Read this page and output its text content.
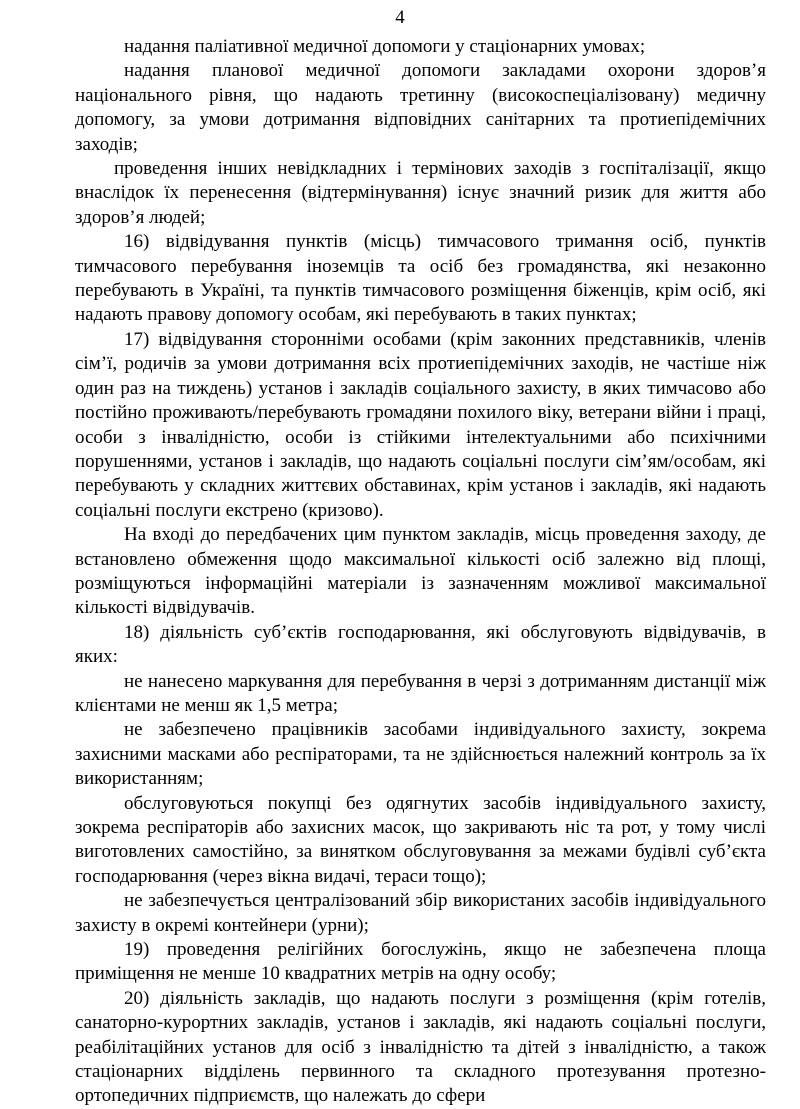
4

надання паліативної медичної допомоги у стаціонарних умовах;

надання планової медичної допомоги закладами охорони здоров’я національного рівня, що надають третинну (високоспеціалізовану) медичну допомогу, за умови дотримання відповідних санітарних та протиепідемічних заходів;

проведення інших невідкладних і термінових заходів з госпіталізації, якщо внаслідок їх перенесення (відтермінування) існує значний ризик для життя або здоров’я людей;

16) відвідування пунктів (місць) тимчасового тримання осіб, пунктів тимчасового перебування іноземців та осіб без громадянства, які незаконно перебувають в Україні, та пунктів тимчасового розміщення біженців, крім осіб, які надають правову допомогу особам, які перебувають в таких пунктах;

17) відвідування сторонніми особами (крім законних представників, членів сім’ї, родичів за умови дотримання всіх протиепідемічних заходів, не частіше ніж один раз на тиждень) установ і закладів соціального захисту, в яких тимчасово або постійно проживають/перебувають громадяни похилого віку, ветерани війни і праці, особи з інвалідністю, особи із стійкими інтелектуальними або психічними порушеннями, установ і закладів, що надають соціальні послуги сім’ям/особам, які перебувають у складних життєвих обставинах, крім установ і закладів, які надають соціальні послуги екстрено (кризово).

На вході до передбачених цим пунктом закладів, місць проведення заходу, де встановлено обмеження щодо максимальної кількості осіб залежно від площі, розміщуються інформаційні матеріали із зазначенням можливої максимальної кількості відвідувачів.

18) діяльність суб’єктів господарювання, які обслуговують відвідувачів, в яких:

не нанесено маркування для перебування в черзі з дотриманням дистанції між клієнтами не менш як 1,5 метра;

не забезпечено працівників засобами індивідуального захисту, зокрема захисними масками або респіраторами, та не здійснюється належний контроль за їх використанням;

обслуговуються покупці без одягнутих засобів індивідуального захисту, зокрема респіраторів або захисних масок, що закривають ніс та рот, у тому числі виготовлених самостійно, за винятком обслуговування за межами будівлі суб’єкта господарювання (через вікна видачі, тераси тощо);

не забезпечується централізований збір використаних засобів індивідуального захисту в окремі контейнери (урни);

19) проведення релігійних богослужінь, якщо не забезпечена площа приміщення не менше 10 квадратних метрів на одну особу;

20) діяльність закладів, що надають послуги з розміщення (крім готелів, санаторно-курортних закладів, установ і закладів, які надають соціальні послуги, реабілітаційних установ для осіб з інвалідністю та дітей з інвалідністю, а також стаціонарних відділень первинного та складного протезування протезно-ортопедичних підприємств, що належать до сфери
